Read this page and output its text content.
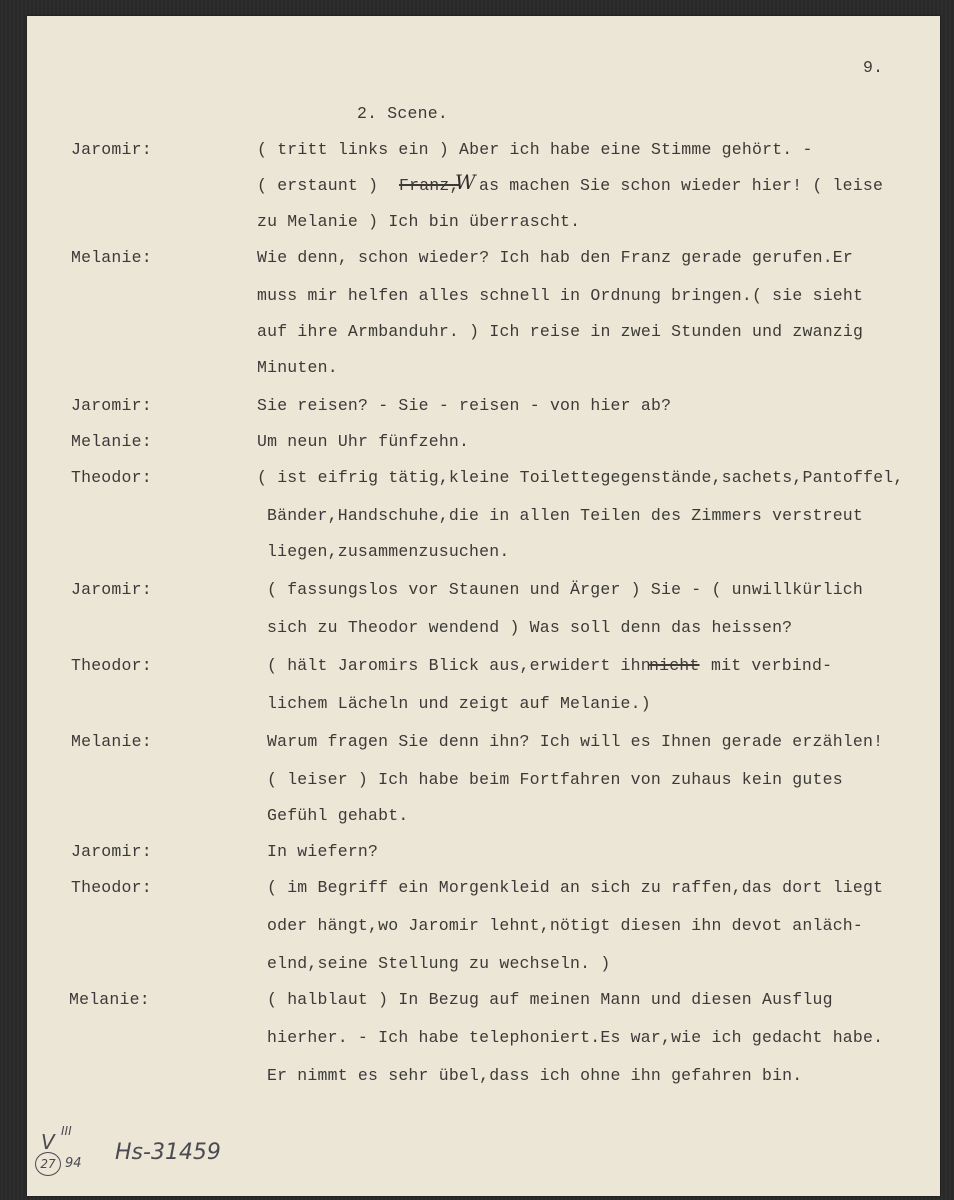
9.
2. Scene.
Jaromir:	( tritt links ein ) Aber ich habe eine Stimme gehört. -
( erstaunt ) Franz,
W as machen Sie schon wieder hier! ( leise
zu Melanie ) Ich bin überrascht.
Melanie:	Wie denn, schon wieder? Ich hab den Franz gerade gerufen.Er
muss mir helfen alles schnell in Ordnung bringen.( sie sieht
auf ihre Armbanduhr. ) Ich reise in zwei Stunden und zwanzig
Minuten.
Jaromir:	Sie reisen? - Sie - reisen - von hier ab?
Melanie:	Um neun Uhr fünfzehn.
Theodor:	( ist eifrig tätig,kleine Toilettegegenstände,sachets,Pantoffel,
Bänder,Handschuhe,die in allen Teilen des Zimmers verstreut
liegen,zusammenzusuchen.
Jaromir:	( fassungslos vor Staunen und Ärger ) Sie - ( unwillkürlich
sich zu Theodor wendend ) Was soll denn das heissen?
Theodor:	( hält Jaromirs Blick aus,erwidert ihn
nicht mit verbind-
lichem Lächeln und zeigt auf Melanie.)
Melanie:	Warum fragen Sie denn ihn? Ich will es Ihnen gerade erzählen!
( leiser ) Ich habe beim Fortfahren von zuhaus kein gutes
Gefühl gehabt.
Jaromir:	In wiefern?
Theodor:	( im Begriff ein Morgenkleid an sich zu raffen,das dort liegt
oder hängt,wo Jaromir lehnt,nötigt diesen ihn devot anläch-
elnd,seine Stellung zu wechseln. )
Melanie:	( halblaut ) In Bezug auf meinen Mann und diesen Ausflug
hierher. - Ich habe telephoniert.Es war,wie ich gedacht habe.
Er nimmt es sehr übel,dass ich ohne ihn gefahren bin.
V III
27 94 Hs-31459
